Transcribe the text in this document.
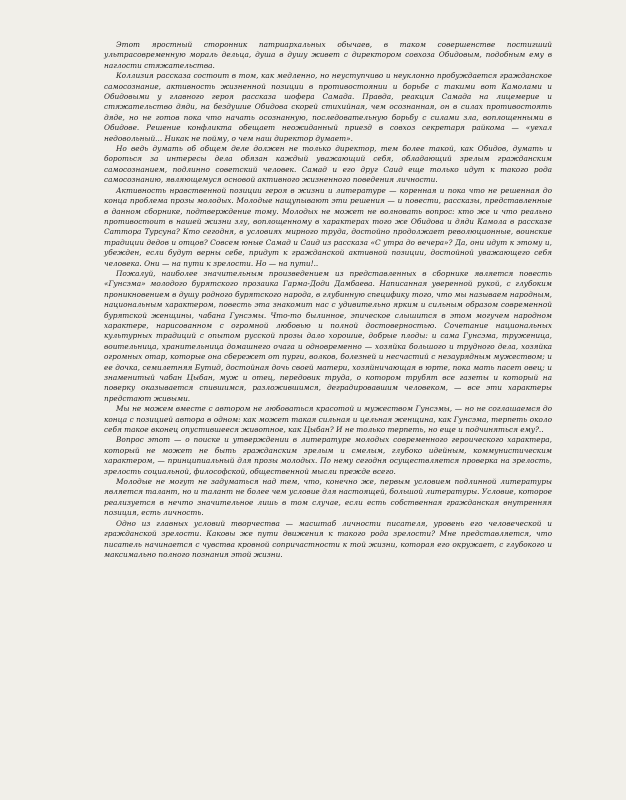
Этот яростный сторонник патриархальных обычаев, в таком совершенстве постигший ультрасовременную мораль дельца, душа в душу живет с директором совхоза Обидовым, подобным ему в наглости стяжательства.

Коллизия рассказа состоит в том, как медленно, но неуступчиво и неуклонно пробуждается гражданское самосознание, активность жизненной позиции в противостоянии и борьбе с такими вот Камолами и Обидовыми у главного героя рассказа шофера Самада. Правда, реакция Самада на лицемерие и стяжательство дяди, на бездушие Обидова скорей стихийная, чем осознанная, он в силах противостоять дяде, но не готов пока что начать осознанную, последовательную борьбу с силами зла, воплощенными в Обидове. Решение конфликта обещает неожиданный приезд в совхоз секретаря райкома — «уехал недовольный... Никак не пойму, о чем наш директор думает».

Но ведь думать об общем деле должен не только директор, тем более такой, как Обидов, думать и бороться за интересы дела обязан каждый уважающий себя, обладающий зрелым гражданским самосознанием, подлинно советский человек. Самад и его друг Саид еще только идут к такого рода самосознанию, являющемуся основой активного жизненного поведения личности.

Активность нравственной позиции героя в жизни и литературе — коренная и пока что не решенная до конца проблема прозы молодых. Молодые нащупывают эти решения — и повести, рассказы, представленные в данном сборнике, подтверждение тому. Молодых не может не волновать вопрос: кто же и что реально противостоит в нашей жизни злу, воплощенному в характерах того же Обидова и дяди Камола в рассказе Саттора Турсуна? Кто сегодня, в условиях мирного труда, достойно продолжает революционные, воинские традиции дедов и отцов? Совсем юные Самад и Саид из рассказа «С утра до вечера»? Да, они идут к этому и, убежден, если будут верны себе, придут к гражданской активной позиции, достойной уважающего себя человека. Они — на пути к зрелости. Но — на пути!..

Пожалуй, наиболее значительным произведением из представленных в сборнике является повесть «Гунсэма» молодого бурятского прозаика Гарма-Доди Дамбаева. Написанная уверенной рукой, с глубоким проникновением в душу родного бурятского народа, в глубинную специфику того, что мы называем народным, национальным характером, повесть эта знакомит нас с удивительно ярким и сильным образом современной бурятской женщины, чабана Гунсэмы. Что-то былинное, эпическое слышится в этом могучем народном характере, нарисованном с огромной любовью и полной достоверностью. Сочетание национальных культурных традиций с опытом русской прозы дало хорошие, добрые плоды: и сама Гунсэма, труженица, воительница, хранительница домашнего очага и одновременно — хозяйка большого и трудного дела, хозяйка огромных отар, которые она сбережет от пурги, волков, болезней и несчастий с незаурядным мужеством; и ее дочка, семилетняя Бутид, достойная дочь своей матери, хозяйничающая в юрте, пока мать пасет овец; и знаменитый чабан Цыбан, муж и отец, передовик труда, о котором трубят все газеты и который на поверку оказывается спившимся, разложившимся, деградировавшим человеком, — все эти характеры предстают живыми.

Мы не можем вместе с автором не любоваться красотой и мужеством Гунсэмы, — но не соглашаемся до конца с позицией автора в одном: как может такая сильная и цельная женщина, как Гунсэма, терпеть около себя такое вконец опустившееся животное, как Цыбан? И не только терпеть, но еще и подчиняться ему?..

Вопрос этот — о поиске и утверждении в литературе молодых современного героического характера, который не может не быть гражданским зрелым и смелым, глубоко идейным, коммунистическим характером, — принципиальный для прозы молодых. По нему сегодня осуществляется проверка на зрелость, зрелость социальной, философской, общественной мысли прежде всего.

Молодые не могут не задуматься над тем, что, конечно же, первым условием подлинной литературы является талант, но и талант не более чем условие для настоящей, большой литературы. Условие, которое реализуется в нечто значительное лишь в том случае, если есть собственная гражданская внутренняя позиция, есть личность.

Одно из главных условий творчества — масштаб личности писателя, уровень его человеческой и гражданской зрелости. Каковы же пути движения к такого рода зрелости? Мне представляется, что писатель начинается с чувства кровной сопричастности к той жизни, которая его окружает, с глубокого и максимально полного познания этой жизни.
